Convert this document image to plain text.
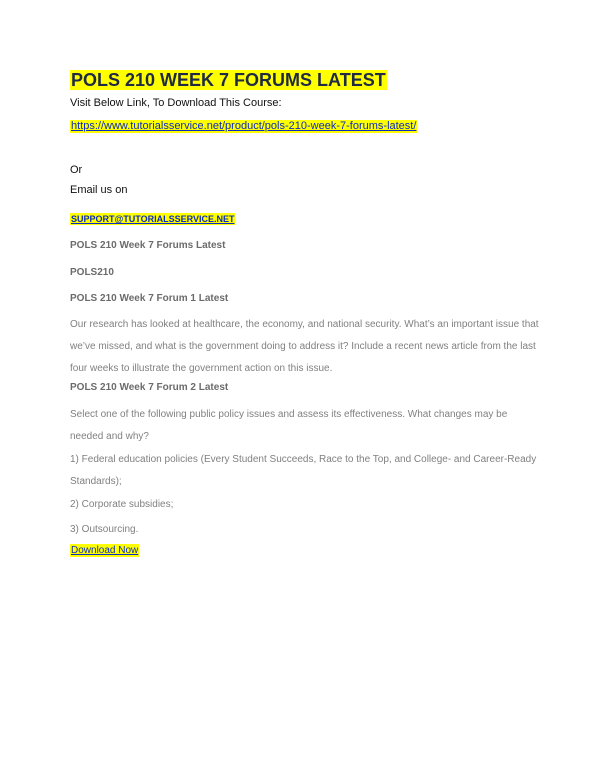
POLS 210 WEEK 7 FORUMS LATEST
Visit Below Link, To Download This Course:
https://www.tutorialsservice.net/product/pols-210-week-7-forums-latest/
Or
Email us on
SUPPORT@TUTORIALSSERVICE.NET
POLS 210 Week 7 Forums Latest
POLS210
POLS 210 Week 7 Forum 1 Latest
Our research has looked at healthcare, the economy, and national security. What’s an important issue that we’ve missed, and what is the government doing to address it? Include a recent news article from the last four weeks to illustrate the government action on this issue.
POLS 210 Week 7 Forum 2 Latest
Select one of the following public policy issues and assess its effectiveness. What changes may be needed and why?
1) Federal education policies (Every Student Succeeds, Race to the Top, and College- and Career-Ready Standards);
2) Corporate subsidies;
3) Outsourcing.
Download Now
